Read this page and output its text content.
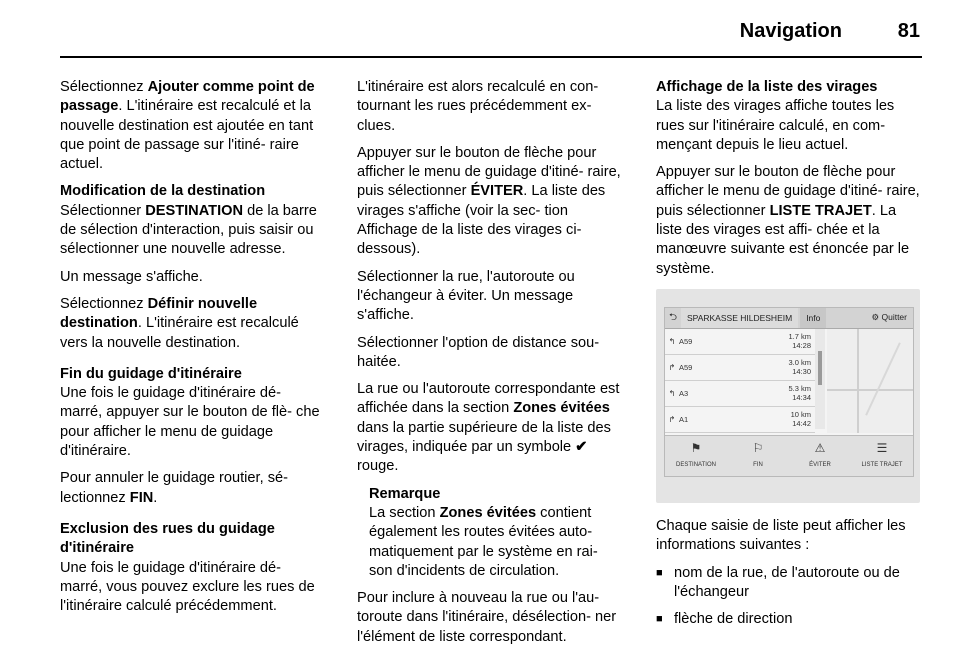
Navigation	81

Sélectionnez Ajouter comme point de passage. L'itinéraire est recalculé et la nouvelle destination est ajoutée en tant que point de passage sur l'itiné‐ raire actuel.

Modification de la destination

Sélectionner DESTINATION de la barre de sélection d'interaction, puis saisir ou sélectionner une nouvelle adresse.

Un message s'affiche.

Sélectionnez Définir nouvelle destination. L'itinéraire est recalculé vers la nouvelle destination.

Fin du guidage d'itinéraire

Une fois le guidage d'itinéraire dé‐ marré, appuyer sur le bouton de flè‐ che pour afficher le menu de guidage d'itinéraire.

Pour annuler le guidage routier, sé‐ lectionnez FIN.

Exclusion des rues du guidage d'itinéraire

Une fois le guidage d'itinéraire dé‐ marré, vous pouvez exclure les rues de l'itinéraire calculé précédemment.

L'itinéraire est alors recalculé en con‐ tournant les rues précédemment ex‐ clues.

Appuyer sur le bouton de flèche pour afficher le menu de guidage d'itiné‐ raire, puis sélectionner ÉVITER. La liste des virages s'affiche (voir la sec‐ tion Affichage de la liste des virages ci-dessous).

Sélectionner la rue, l'autoroute ou l'échangeur à éviter. Un message s'affiche.

Sélectionner l'option de distance sou‐ haitée.

La rue ou l'autoroute correspondante est affichée dans la section Zones évitées dans la partie supérieure de la liste des virages, indiquée par un symbole ✔ rouge.

Remarque

La section Zones évitées contient également les routes évitées auto‐ matiquement par le système en rai‐ son d'incidents de circulation.

Pour inclure à nouveau la rue ou l'au‐ toroute dans l'itinéraire, désélection‐ ner l'élément de liste correspondant.

Affichage de la liste des virages

La liste des virages affiche toutes les rues sur l'itinéraire calculé, en com‐ mençant depuis le lieu actuel.

Appuyer sur le bouton de flèche pour afficher le menu de guidage d'itiné‐ raire, puis sélectionner LISTE TRAJET. La liste des virages est affi‐ chée et la manœuvre suivante est énoncée par le système.

⮌	SPARKASSE HILDESHEIM	Info	⚙ Quitter
↰ A59	1.7 km
14:28
↱ A59	3.0 km
14:30
↰ A3	5.3 km
14:34
↱ A1	10 km
14:42
⚑
DESTINATION
⚐
FIN
⚠
ÉVITER
☰
LISTE TRAJET

Chaque saisie de liste peut afficher les informations suivantes :

■ nom de la rue, de l'autoroute ou de l'échangeur
■ flèche de direction
